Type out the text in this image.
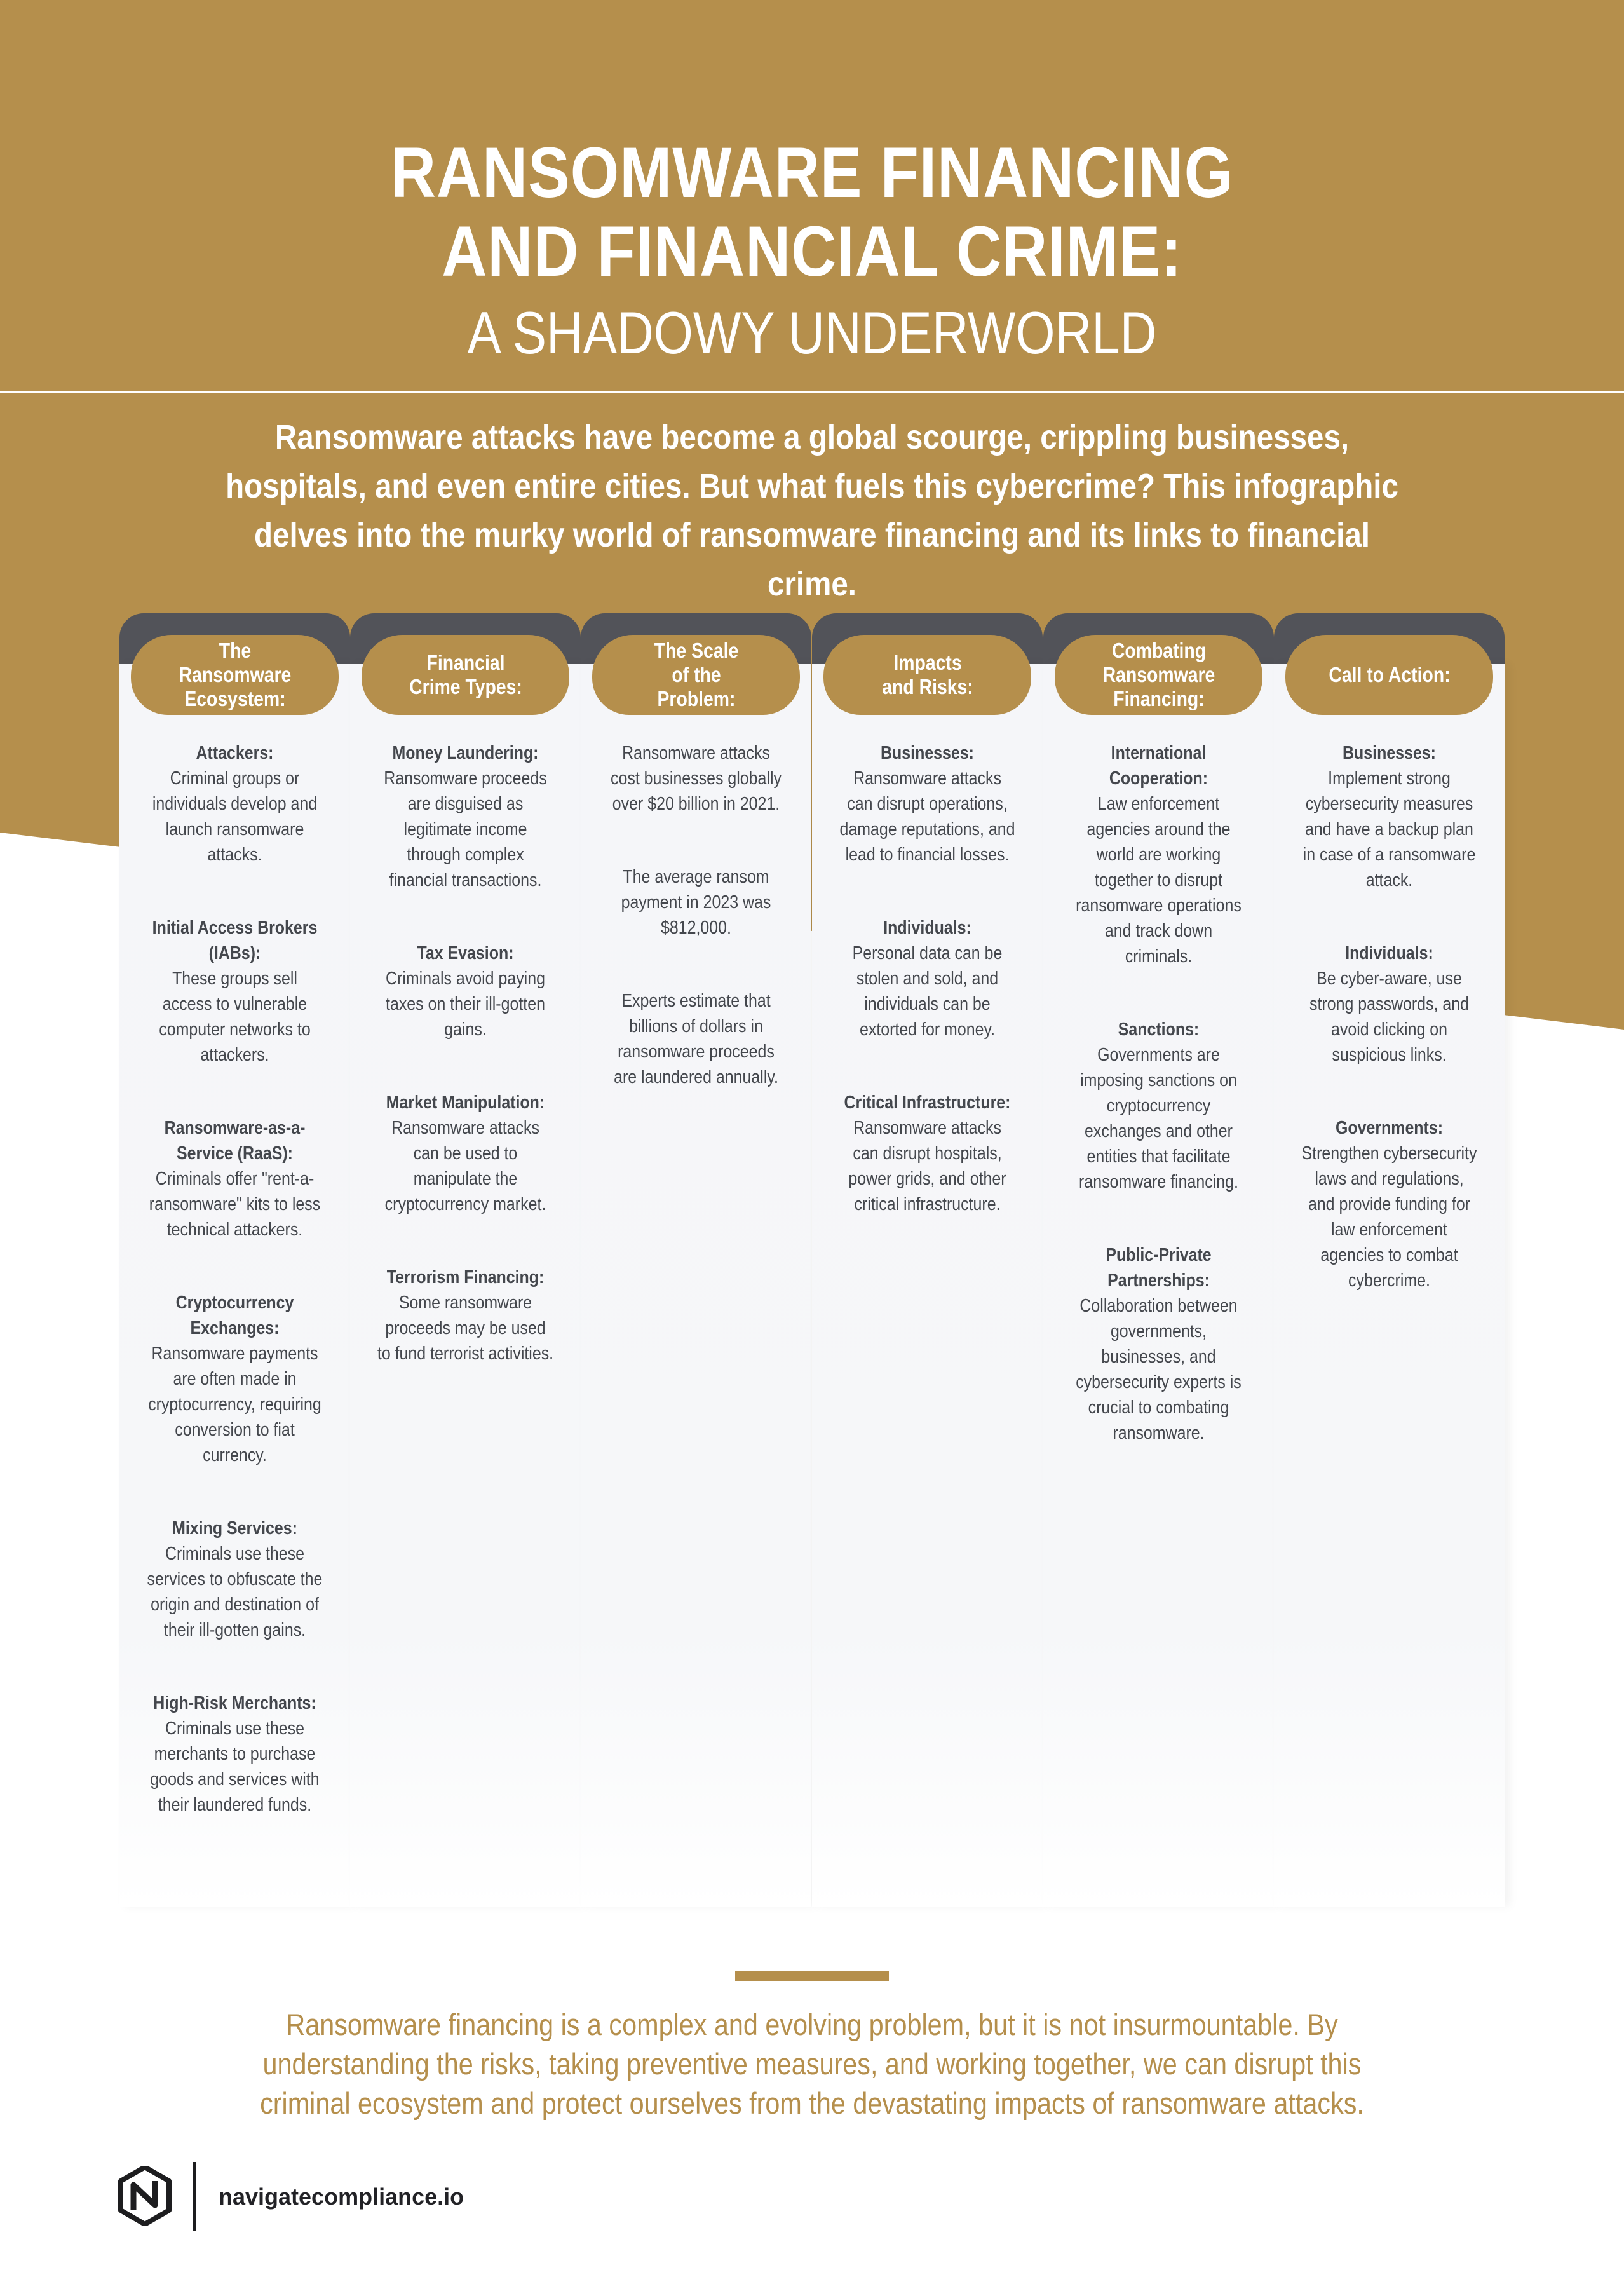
RANSOMWARE FINANCING
AND FINANCIAL CRIME:
A SHADOWY UNDERWORLD
Ransomware attacks have become a global scourge, crippling businesses, hospitals, and even entire cities. But what fuels this cybercrime? This infographic delves into the murky world of ransomware financing and its links to financial crime.
The
Ransomware
Ecosystem:
Attackers:
Criminal groups or individuals develop and launch ransomware attacks.
Initial Access Brokers (IABs):
These groups sell access to vulnerable computer networks to attackers.
Ransomware-as-a-Service (RaaS):
Criminals offer "rent-a-ransomware" kits to less technical attackers.
Cryptocurrency Exchanges: Ransomware payments are often made in cryptocurrency, requiring conversion to fiat currency.
Mixing Services:
Criminals use these services to obfuscate the origin and destination of their ill-gotten gains.
High-Risk Merchants:
Criminals use these merchants to purchase goods and services with their laundered funds.
Financial
Crime Types:
Money Laundering:
Ransomware proceeds are disguised as legitimate income through complex financial transactions.
Tax Evasion:
Criminals avoid paying taxes on their ill-gotten gains.
Market Manipulation:
Ransomware attacks can be used to manipulate the cryptocurrency market.
Terrorism Financing:
Some ransomware proceeds may be used to fund terrorist activities.
The Scale
of the Problem:
Ransomware attacks cost businesses globally over $20 billion in 2021.
The average ransom payment in 2023 was $812,000.
Experts estimate that billions of dollars in ransomware proceeds are laundered annually.
Impacts
and Risks:
Businesses:
Ransomware attacks can disrupt operations, damage reputations, and lead to financial losses.
Individuals:
Personal data can be stolen and sold, and individuals can be extorted for money.
Critical Infrastructure:
Ransomware attacks can disrupt hospitals, power grids, and other critical infrastructure.
Combating
Ransomware
Financing:
International Cooperation:
Law enforcement agencies around the world are working together to disrupt ransomware operations and track down criminals.
Sanctions:
Governments are imposing sanctions on cryptocurrency exchanges and other entities that facilitate ransomware financing.
Public-Private Partnerships:
Collaboration between governments, businesses, and cybersecurity experts is crucial to combating ransomware.
Call to Action:
Businesses:
Implement strong cybersecurity measures and have a backup plan in case of a ransomware attack.
Individuals:
Be cyber-aware, use strong passwords, and avoid clicking on suspicious links.
Governments:
Strengthen cybersecurity laws and regulations, and provide funding for law enforcement agencies to combat cybercrime.
Ransomware financing is a complex and evolving problem, but it is not insurmountable. By understanding the risks, taking preventive measures, and working together, we can disrupt this criminal ecosystem and protect ourselves from the devastating impacts of ransomware attacks.
navigatecompliance.io
